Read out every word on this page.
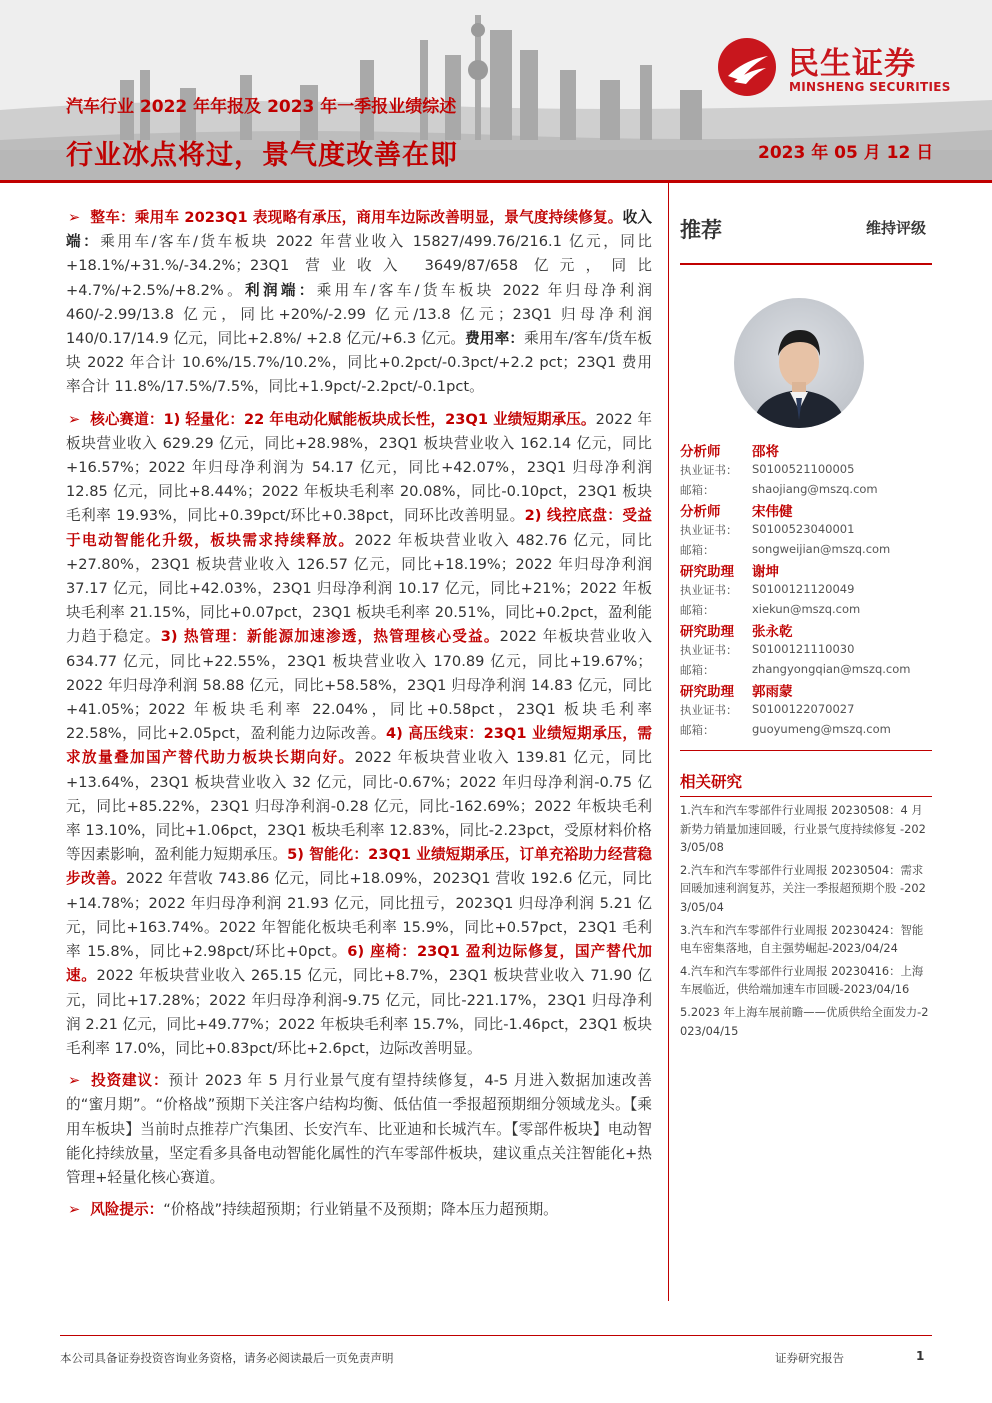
汽车行业 2022 年年报及 2023 年一季报业绩综述
行业冰点将过，景气度改善在即	2023 年 05 月 12 日
民生证券
MINSHENG SECURITIES

➢ 整车：乘用车 2023Q1 表现略有承压，商用车边际改善明显，景气度持续修复。收入端：乘用车/客车/货车板块 2022 年营业收入 15827/499.76/216.1 亿元，同比+18.1%/+31.%/-34.2%；23Q1 营业收入 3649/87/658 亿元，同比+4.7%/+2.5%/+8.2%。利润端：乘用车/客车/货车板块 2022 年归母净利润 460/-2.99/13.8 亿元，同比+20%/-2.99 亿元/13.8 亿元；23Q1 归母净利润 140/0.17/14.9 亿元，同比+2.8%/ +2.8 亿元/+6.3 亿元。费用率：乘用车/客车/货车板块 2022 年合计 10.6%/15.7%/10.2%，同比+0.2pct/-0.3pct/+2.2 pct；23Q1 费用率合计 11.8%/17.5%/7.5%，同比+1.9pct/-2.2pct/-0.1pct。

➢ 核心赛道：1) 轻量化：22 年电动化赋能板块成长性，23Q1 业绩短期承压。2022 年板块营业收入 629.29 亿元，同比+28.98%，23Q1 板块营业收入 162.14 亿元，同比+16.57%；2022 年归母净利润为 54.17 亿元，同比+42.07%，23Q1 归母净利润 12.85 亿元，同比+8.44%；2022 年板块毛利率 20.08%，同比-0.10pct，23Q1 板块毛利率 19.93%，同比+0.39pct/环比+0.38pct，同环比改善明显。2) 线控底盘：受益于电动智能化升级，板块需求持续释放。2022 年板块营业收入 482.76 亿元，同比+27.80%，23Q1 板块营业收入 126.57 亿元，同比+18.19%；2022 年归母净利润 37.17 亿元，同比+42.03%，23Q1 归母净利润 10.17 亿元，同比+21%；2022 年板块毛利率 21.15%，同比+0.07pct，23Q1 板块毛利率 20.51%，同比+0.2pct，盈利能力趋于稳定。3) 热管理：新能源加速渗透，热管理核心受益。2022 年板块营业收入 634.77 亿元，同比+22.55%，23Q1 板块营业收入 170.89 亿元，同比+19.67%；2022 年归母净利润 58.88 亿元，同比+58.58%，23Q1 归母净利润 14.83 亿元，同比+41.05%；2022 年板块毛利率 22.04%，同比+0.58pct，23Q1 板块毛利率 22.58%，同比+2.05pct，盈利能力边际改善。4) 高压线束：23Q1 业绩短期承压，需求放量叠加国产替代助力板块长期向好。2022 年板块营业收入 139.81 亿元，同比+13.64%，23Q1 板块营业收入 32 亿元，同比-0.67%；2022 年归母净利润-0.75 亿元，同比+85.22%，23Q1 归母净利润-0.28 亿元，同比-162.69%；2022 年板块毛利率 13.10%，同比+1.06pct，23Q1 板块毛利率 12.83%，同比-2.23pct，受原材料价格等因素影响，盈利能力短期承压。5) 智能化：23Q1 业绩短期承压，订单充裕助力经营稳步改善。2022 年营收 743.86 亿元，同比+18.09%，2023Q1 营收 192.6 亿元，同比+14.78%；2022 年归母净利润 21.93 亿元，同比扭亏，2023Q1 归母净利润 5.21 亿元，同比+163.74%。2022 年智能化板块毛利率 15.9%，同比+0.57pct，23Q1 毛利率 15.8%，同比+2.98pct/环比+0pct。6) 座椅：23Q1 盈利边际修复，国产替代加速。2022 年板块营业收入 265.15 亿元，同比+8.7%，23Q1 板块营业收入 71.90 亿元，同比+17.28%；2022 年归母净利润-9.75 亿元，同比-221.17%，23Q1 归母净利润 2.21 亿元，同比+49.77%；2022 年板块毛利率 15.7%，同比-1.46pct，23Q1 板块毛利率 17.0%，同比+0.83pct/环比+2.6pct，边际改善明显。

➢ 投资建议：预计 2023 年 5 月行业景气度有望持续修复，4-5 月进入数据加速改善的“蜜月期”。“价格战”预期下关注客户结构均衡、低估值一季报超预期细分领域龙头。【乘用车板块】当前时点推荐广汽集团、长安汽车、比亚迪和长城汽车。【零部件板块】电动智能化持续放量，坚定看多具备电动智能化属性的汽车零部件板块，建议重点关注智能化+热管理+轻量化核心赛道。

➢ 风险提示：“价格战”持续超预期；行业销量不及预期；降本压力超预期。

推荐	维持评级
分析师 邵将
执业证书： S0100521100005
邮箱：	shaojiang@mszq.com
分析师 宋伟健
执业证书： S0100523040001
邮箱：	songweijian@mszq.com
研究助理 谢坤
执业证书： S0100121120049
邮箱：	xiekun@mszq.com
研究助理 张永乾
执业证书： S0100121110030
邮箱：	zhangyongqian@mszq.com
研究助理 郭雨蒙
执业证书： S0100122070027
邮箱：	guoyumeng@mszq.com
相关研究
1.汽车和汽车零部件行业周报 20230508：4 月新势力销量加速回暖，行业景气度持续修复 -2023/05/08
2.汽车和汽车零部件行业周报 20230504：需求回暖加速利润复苏，关注一季报超预期个股 -2023/05/04
3.汽车和汽车零部件行业周报 20230424：智能电车密集落地，自主强势崛起-2023/04/24
4.汽车和汽车零部件行业周报 20230416：上海车展临近，供给端加速车市回暖-2023/04/16
5.2023 年上海车展前瞻——优质供给全面发力-2023/04/15
本公司具备证券投资咨询业务资格，请务必阅读最后一页免责声明	证券研究报告	1
